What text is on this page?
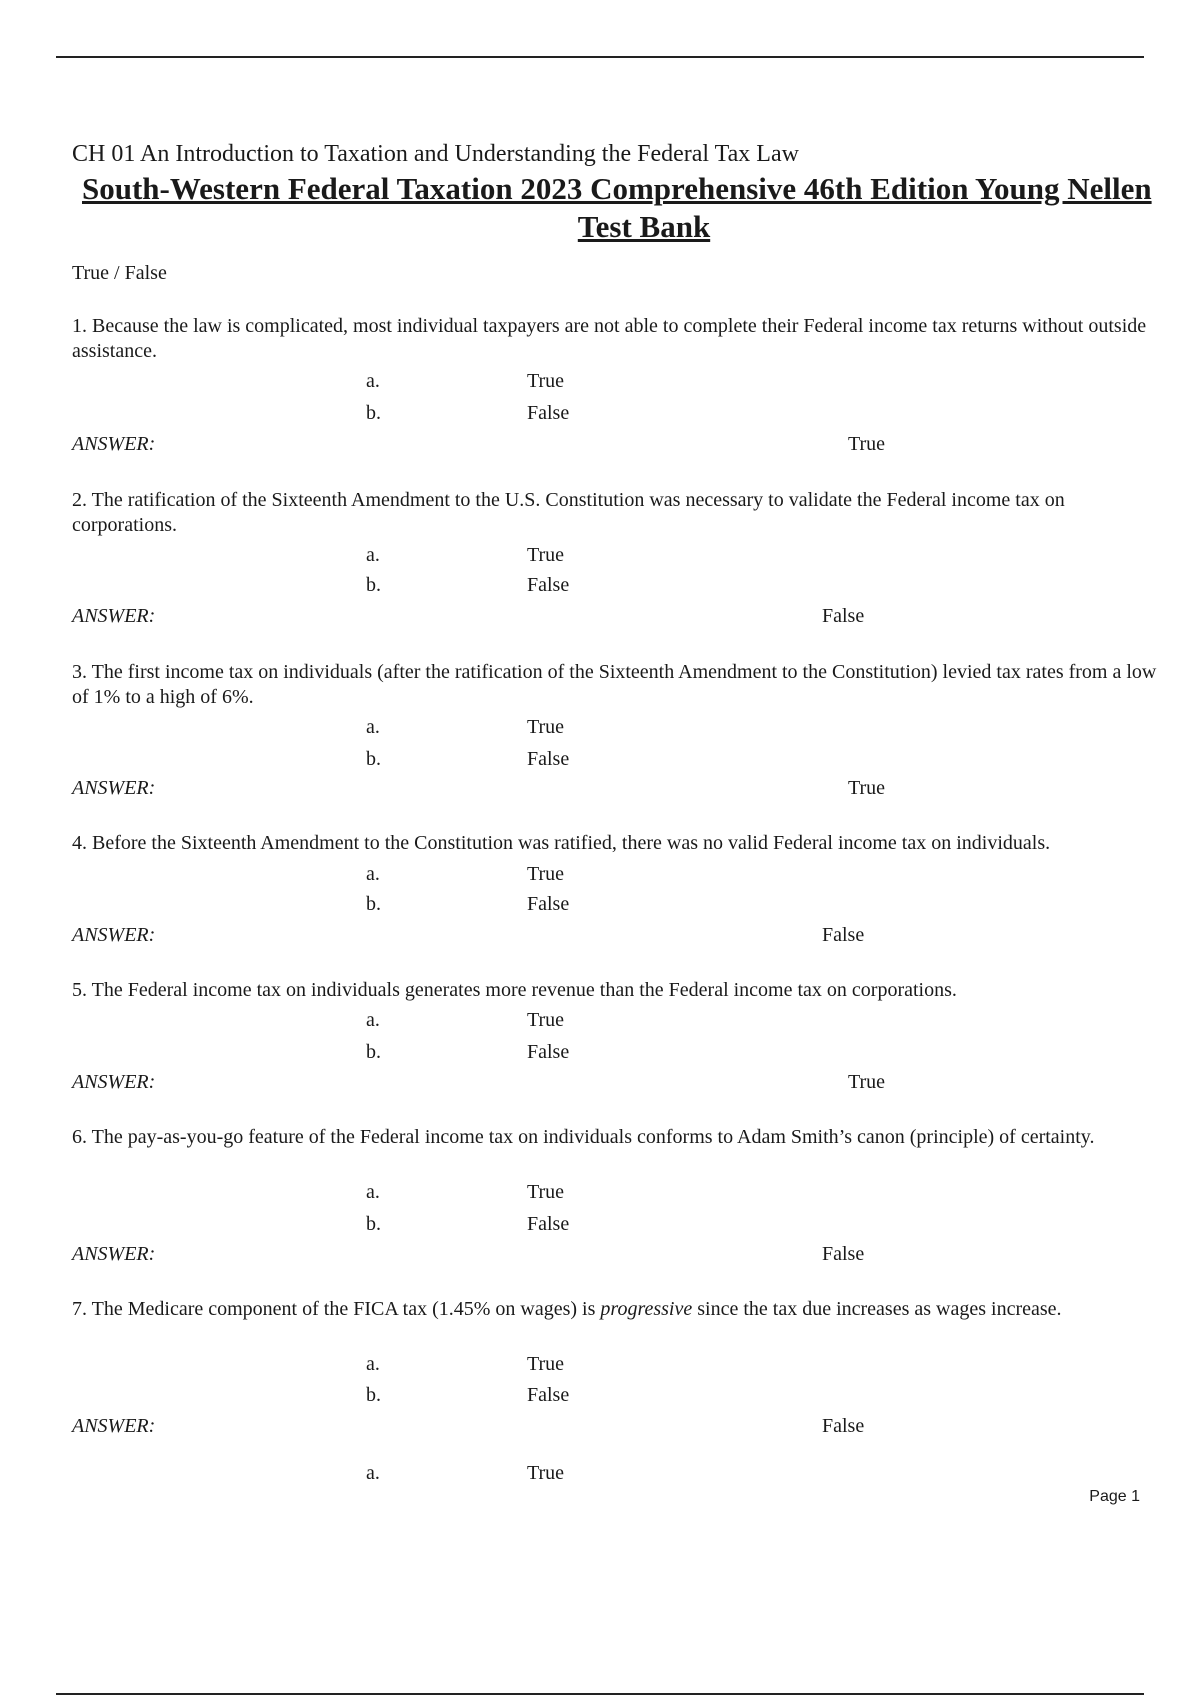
CH 01 An Introduction to Taxation and Understanding the Federal Tax Law
South-Western Federal Taxation 2023 Comprehensive 46th Edition Young Nellen
Test Bank
True / False

1. Because the law is complicated, most individual taxpayers are not able to complete their Federal income tax returns without outside assistance.

a.	True
b.	False
ANSWER:	True

2. The ratification of the Sixteenth Amendment to the U.S. Constitution was necessary to validate the Federal income tax on corporations.

a.	True
b.	False
ANSWER:	False

3. The first income tax on individuals (after the ratification of the Sixteenth Amendment to the Constitution) levied tax rates from a low of 1% to a high of 6%.

a.	True
b.	False
ANSWER:	True

4. Before the Sixteenth Amendment to the Constitution was ratified, there was no valid Federal income tax on individuals.

a.	True
b.	False
ANSWER:	False

5. The Federal income tax on individuals generates more revenue than the Federal income tax on corporations.

a.	True
b.	False
ANSWER:	True

6. The pay-as-you-go feature of the Federal income tax on individuals conforms to Adam Smith’s canon (principle) of certainty.

a.	True
b.	False
ANSWER:	False

7. The Medicare component of the FICA tax (1.45% on wages) is progressive since the tax due increases as wages increase.

a.	True
b.	False
ANSWER:	False
a.	True
Page 1
